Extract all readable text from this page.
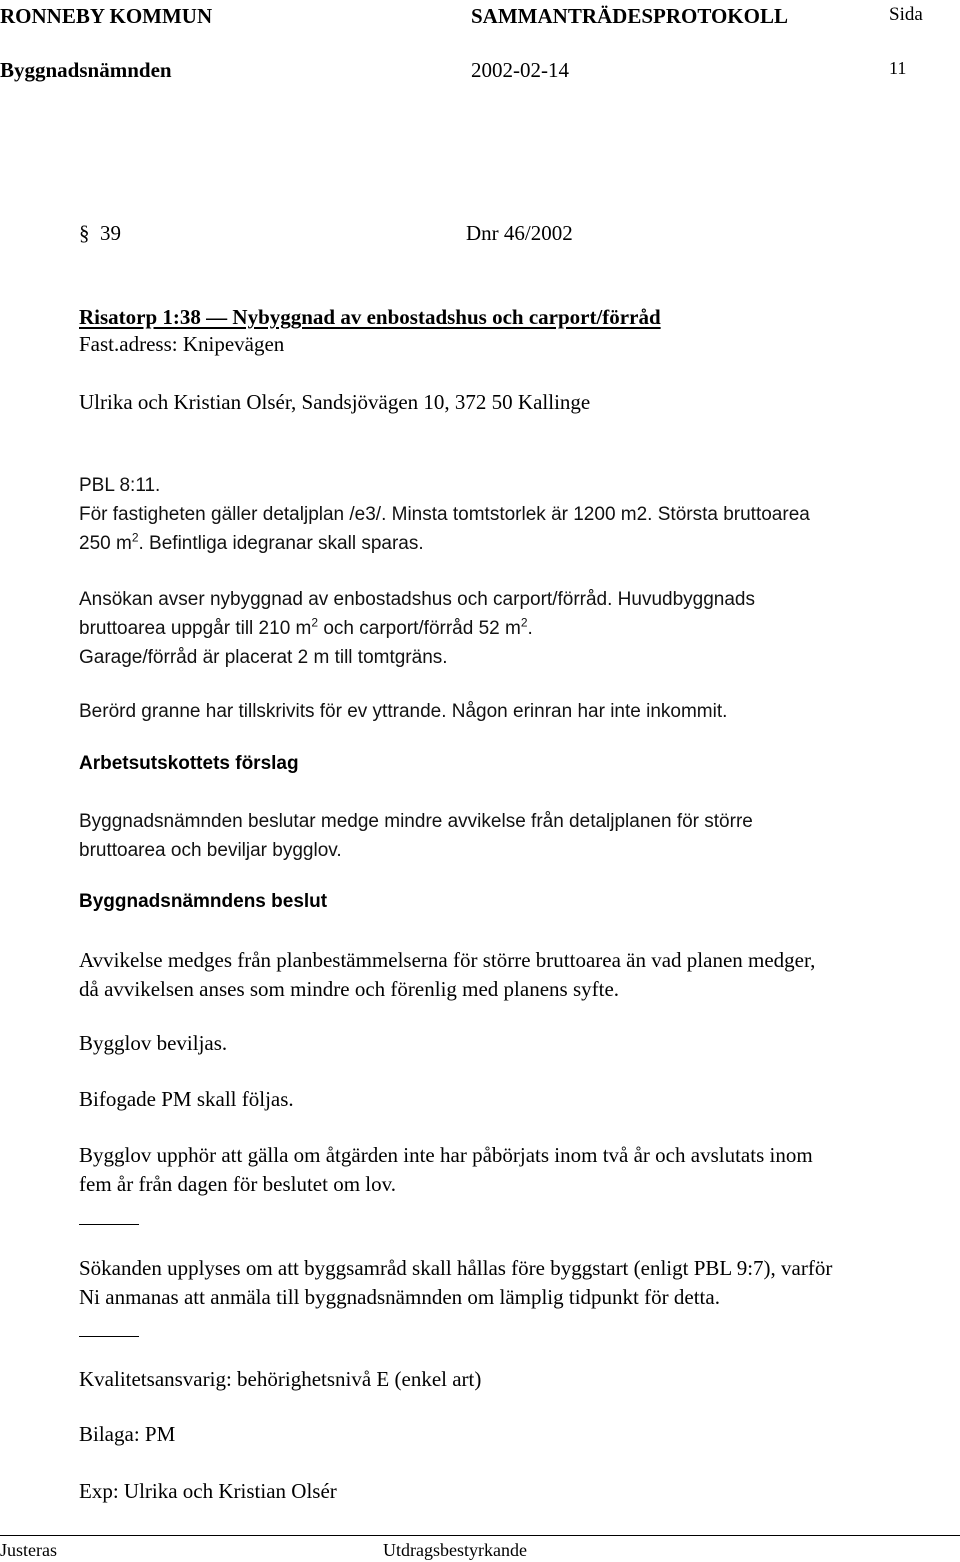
RONNEBY KOMMUN	SAMMANTRÄDESPROTOKOLL	Sida
Byggnadsnämnden	2002-02-14	11
§ 39	Dnr 46/2002
Risatorp 1:38 — Nybyggnad av enbostadshus och carport/förråd
Fast.adress: Knipevägen
Ulrika och Kristian Olsér, Sandsjövägen 10, 372 50 Kallinge
PBL 8:11.
För fastigheten gäller detaljplan /e3/. Minsta tomtstorlek är 1200 m2. Största bruttoarea
250 $m^2$. Befintliga idegranar skall sparas.
Ansökan avser nybyggnad av enbostadshus och carport/förråd. Huvudbyggnads
bruttoarea uppgår till 210 $m^2$ och carport/förråd 52 $m^2$.
Garage/förråd är placerat 2 m till tomtgräns.
Berörd granne har tillskrivits för ev yttrande. Någon erinran har inte inkommit.
Arbetsutskottets förslag
Byggnadsnämnden beslutar medge mindre avvikelse från detaljplanen för större
bruttoarea och beviljar bygglov.
Byggnadsnämndens beslut
Avvikelse medges från planbestämmelserna för större bruttoarea än vad planen medger,
då avvikelsen anses som mindre och förenlig med planens syfte.
Bygglov beviljas.
Bifogade PM skall följas.
Bygglov upphör att gälla om åtgärden inte har påbörjats inom två år och avslutats inom
fem år från dagen för beslutet om lov.
Sökanden upplyses om att byggsamråd skall hållas före byggstart (enligt PBL 9:7), varför
Ni anmanas att anmäla till byggnadsnämnden om lämplig tidpunkt för detta.
Kvalitetsansvarig: behörighetsnivå E (enkel art)
Bilaga: PM
Exp: Ulrika och Kristian Olsér
Justeras	Utdragsbestyrkande
